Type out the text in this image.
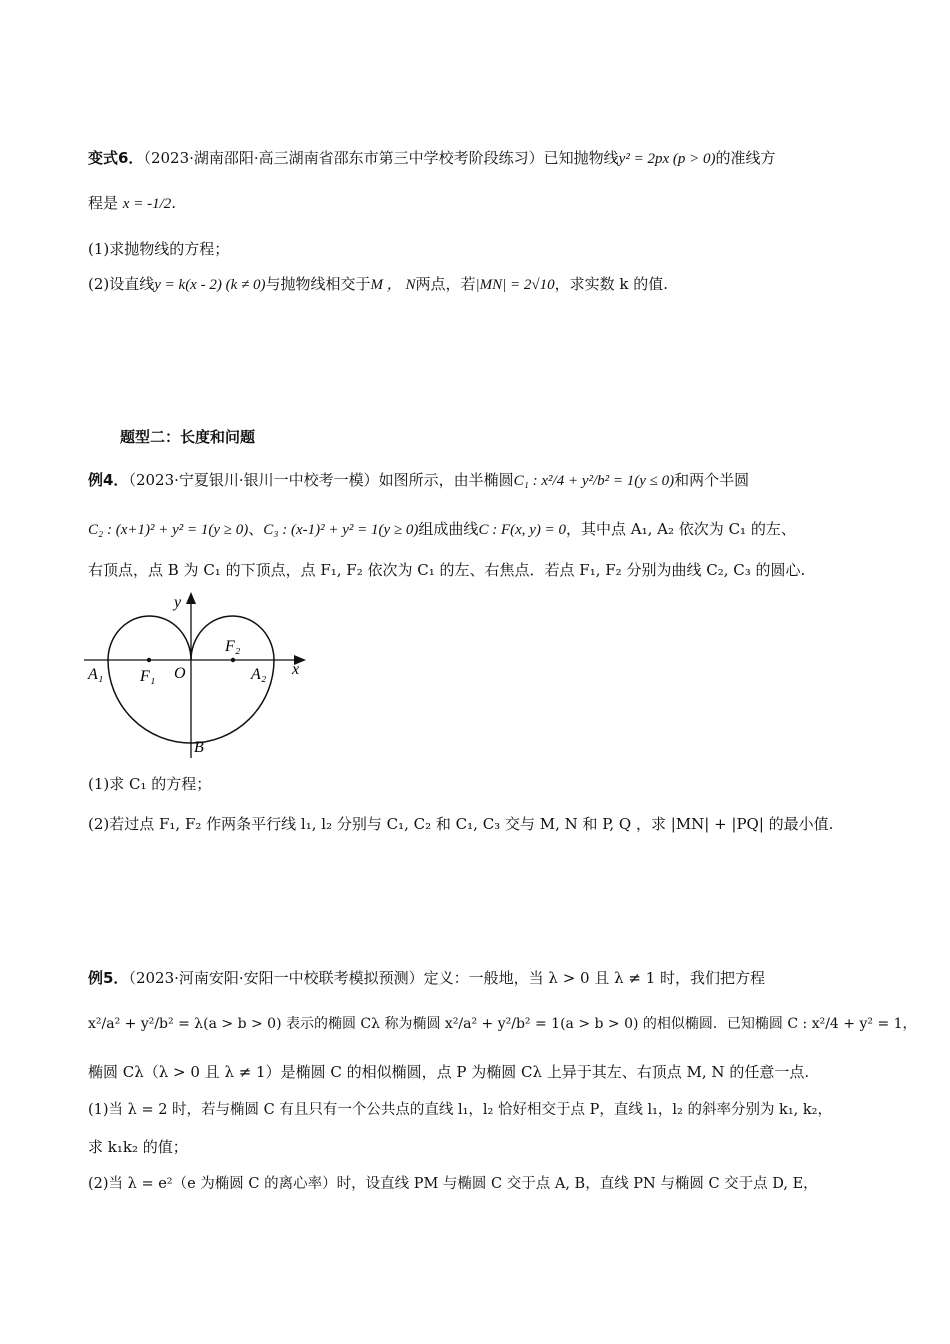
变式6．（2023·湖南邵阳·高三湖南省邵东市第三中学校考阶段练习）已知抛物线y² = 2px (p > 0)的准线方
程是 x = -1/2.
(1)求抛物线的方程；
(2)设直线y = k(x - 2) (k ≠ 0)与抛物线相交于M ， N两点，若|MN| = 2√10，求实数 k 的值.
题型二：长度和问题
例4．（2023·宁夏银川·银川一中校考一模）如图所示，由半椭圆C₁ : x²/4 + y²/b² = 1(y ≤ 0)和两个半圆
C₂ : (x+1)² + y² = 1(y ≥ 0)、C₃ : (x-1)² + y² = 1(y ≥ 0)组成曲线C : F(x, y) = 0，其中点 A₁, A₂ 依次为 C₁ 的左、
右顶点，点 B 为 C₁ 的下顶点，点 F₁, F₂ 依次为 C₁ 的左、右焦点．若点 F₁, F₂ 分别为曲线 C₂, C₃ 的圆心.
y
x
O
A₁	A₂
F₁
F₂
B
(1)求 C₁ 的方程；
(2)若过点 F₁, F₂ 作两条平行线 l₁, l₂ 分别与 C₁, C₂ 和 C₁, C₃ 交与 M, N 和 P, Q ，求 |MN| + |PQ| 的最小值.
例5．（2023·河南安阳·安阳一中校联考模拟预测）定义：一般地，当 λ > 0 且 λ ≠ 1 时，我们把方程
x²/a² + y²/b² = λ(a > b > 0) 表示的椭圆 Cλ 称为椭圆 x²/a² + y²/b² = 1(a > b > 0) 的相似椭圆．已知椭圆 C : x²/4 + y² = 1，
椭圆 Cλ（λ > 0 且 λ ≠ 1）是椭圆 C 的相似椭圆，点 P 为椭圆 Cλ 上异于其左、右顶点 M, N 的任意一点.
(1)当 λ = 2 时，若与椭圆 C 有且只有一个公共点的直线 l₁，l₂ 恰好相交于点 P，直线 l₁，l₂ 的斜率分别为 k₁, k₂，
求 k₁k₂ 的值；
(2)当 λ = e²（e 为椭圆 C 的离心率）时，设直线 PM 与椭圆 C 交于点 A, B，直线 PN 与椭圆 C 交于点 D, E，
